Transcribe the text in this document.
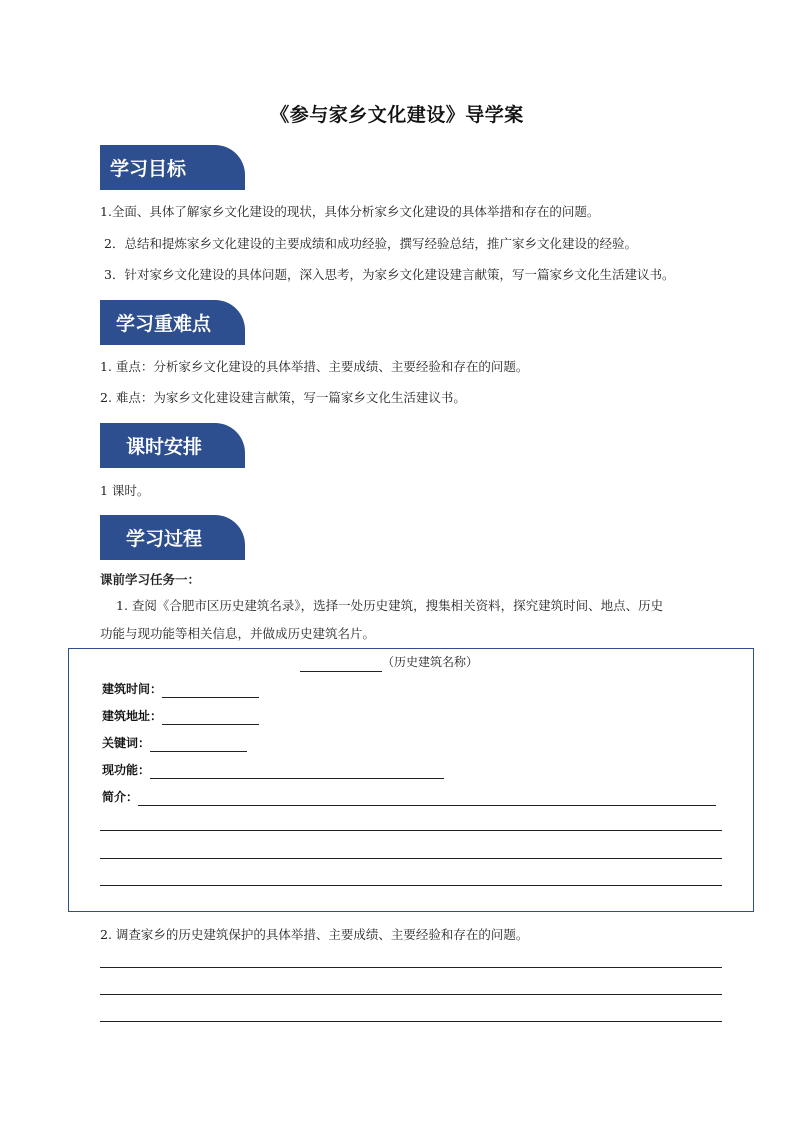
《参与家乡文化建设》导学案
学习目标
1.全面、具体了解家乡文化建设的现状，具体分析家乡文化建设的具体举措和存在的问题。
2．总结和提炼家乡文化建设的主要成绩和成功经验，撰写经验总结，推广家乡文化建设的经验。
3．针对家乡文化建设的具体问题，深入思考，为家乡文化建设建言献策，写一篇家乡文化生活建议书。
学习重难点
1. 重点：分析家乡文化建设的具体举措、主要成绩、主要经验和存在的问题。
2. 难点：为家乡文化建设建言献策，写一篇家乡文化生活建议书。
课时安排
1 课时。
学习过程
课前学习任务一：
1. 查阅《合肥市区历史建筑名录》，选择一处历史建筑，搜集相关资料，探究建筑时间、地点、历史
功能与现功能等相关信息，并做成历史建筑名片。
（历史建筑名称）
建筑时间：
建筑地址：
关键词：
现功能：
简介：
2. 调查家乡的历史建筑保护的具体举措、主要成绩、主要经验和存在的问题。
